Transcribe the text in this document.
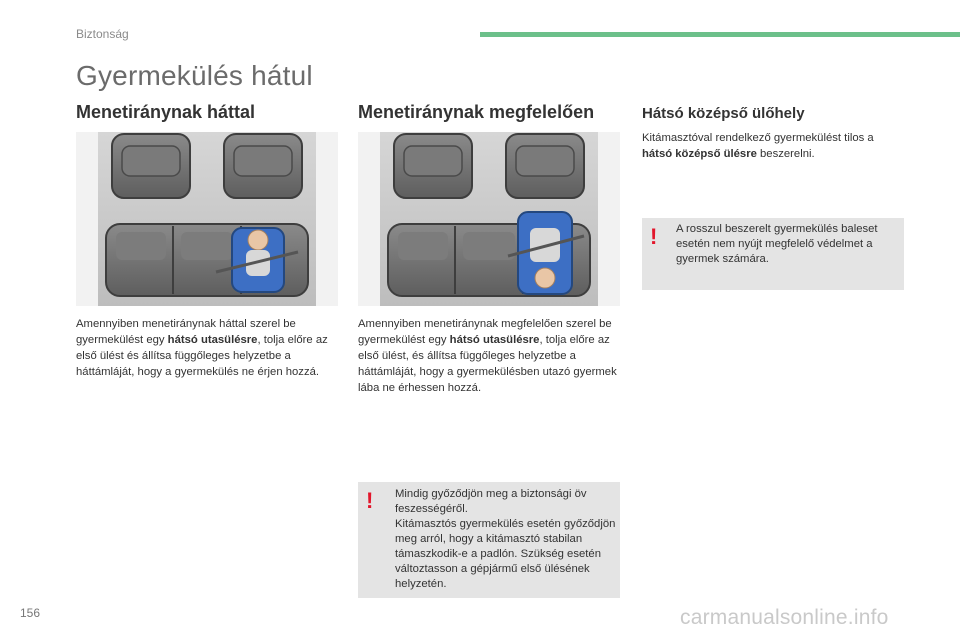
Biztonság
Gyermekülés hátul
Menetiránynak háttal

Amennyiben menetiránynak háttal szerel be gyermekülést egy hátsó utasülésre, tolja előre az első ülést és állítsa függőleges helyzetbe a háttámláját, hogy a gyermekülés ne érjen hozzá.

Menetiránynak megfelelően

Amennyiben menetiránynak megfelelően szerel be gyermekülést egy hátsó utasülésre, tolja előre az első ülést, és állítsa függőleges helyzetbe a háttámláját, hogy a gyermekülésben utazó gyermek lába ne érhessen hozzá.

! Mindig győződjön meg a biztonsági öv feszességéről.
Kitámasztós gyermekülés esetén győződjön meg arról, hogy a kitámasztó stabilan támaszkodik-e a padlón. Szükség esetén változtasson a gépjármű első ülésének helyzetén.

Hátsó középső ülőhely

Kitámasztóval rendelkező gyermekülést tilos a hátsó középső ülésre beszerelni.

! A rosszul beszerelt gyermekülés baleset esetén nem nyújt megfelelő védelmet a gyermek számára.

156	carmanualsonline.info
